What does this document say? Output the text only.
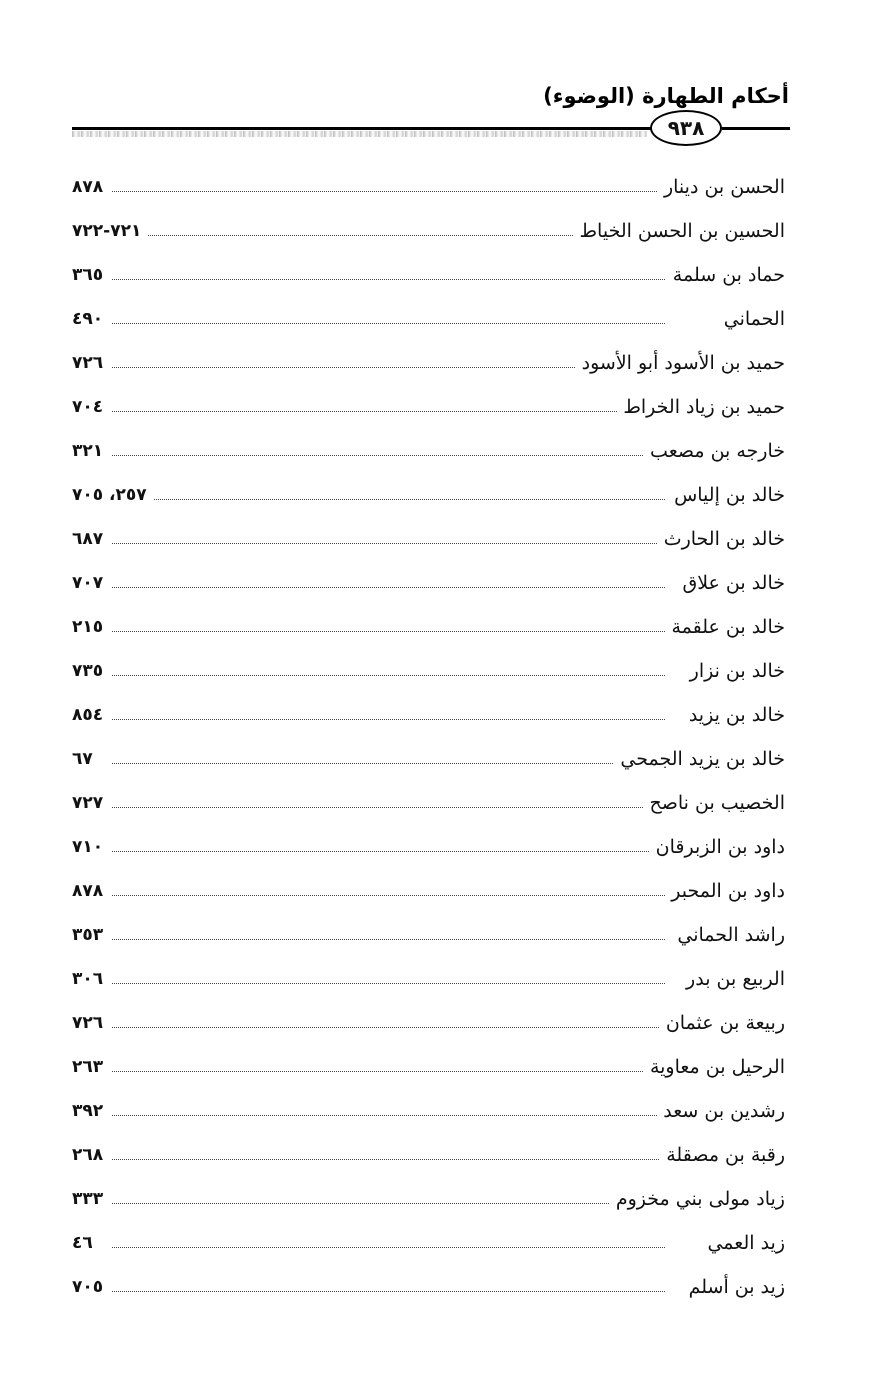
أحكام الطهارة (الوضوء)
٩٣٨
٨٧٨	الحسن بن دينار
٧٢١-٧٢٢	الحسين بن الحسن الخياط
٣٦٥	حماد بن سلمة
٤٩٠	الحماني
٧٢٦	حميد بن الأسود أبو الأسود
٧٠٤	حميد بن زياد الخراط
٣٢١	خارجه بن مصعب
٢٥٧، ٧٠٥	خالد بن إلياس
٦٨٧	خالد بن الحارث
٧٠٧	خالد بن علاق
٢١٥	خالد بن علقمة
٧٣٥	خالد بن نزار
٨٥٤	خالد بن يزيد
٦٧	خالد بن يزيد الجمحي
٧٢٧	الخصيب بن ناصح
٧١٠	داود بن الزبرقان
٨٧٨	داود بن المحبر
٣٥٣	راشد الحماني
٣٠٦	الربيع بن بدر
٧٢٦	ربيعة بن عثمان
٢٦٣	الرحيل بن معاوية
٣٩٢	رشدين بن سعد
٢٦٨	رقبة بن مصقلة
٣٣٣	زياد مولى بني مخزوم
٤٦	زيد العمي
٧٠٥	زيد بن أسلم
